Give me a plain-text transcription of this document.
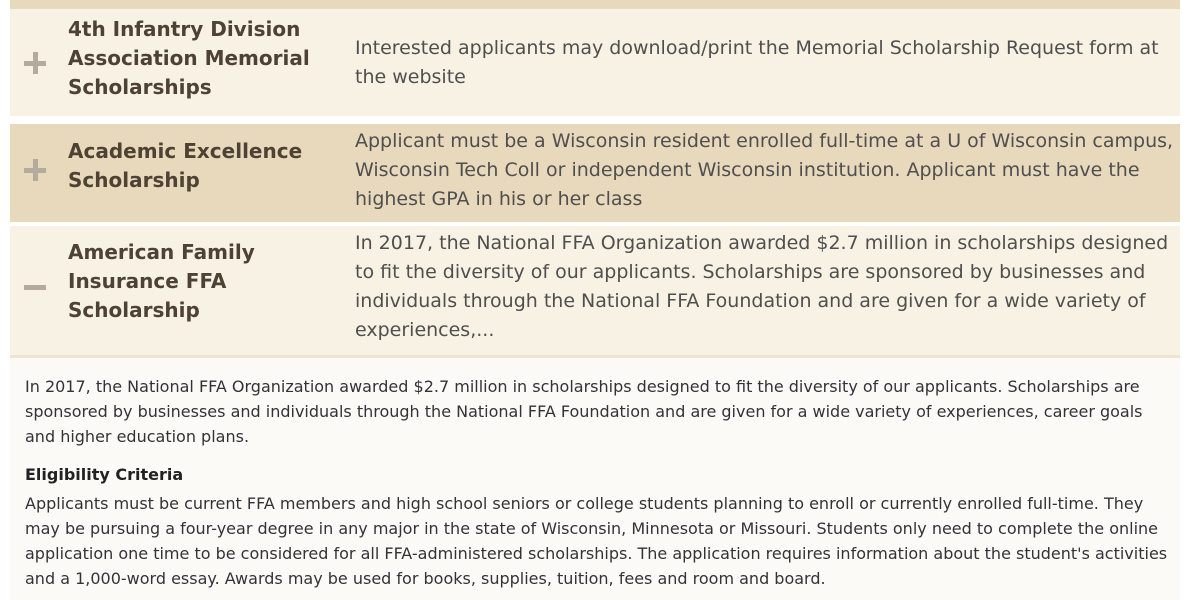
4th Infantry Division
Association Memorial
Scholarships
Interested applicants may download/print the Memorial Scholarship Request form at the website
Academic Excellence
Scholarship
Applicant must be a Wisconsin resident enrolled full-time at a U of Wisconsin campus, Wisconsin Tech Coll or independent Wisconsin institution. Applicant must have the highest GPA in his or her class
American Family
Insurance FFA
Scholarship
In 2017, the National FFA Organization awarded $2.7 million in scholarships designed to fit the diversity of our applicants. Scholarships are sponsored by businesses and individuals through the National FFA Foundation and are given for a wide variety of experiences,...
In 2017, the National FFA Organization awarded $2.7 million in scholarships designed to fit the diversity of our applicants. Scholarships are sponsored by businesses and individuals through the National FFA Foundation and are given for a wide variety of experiences, career goals and higher education plans.
Eligibility Criteria
Applicants must be current FFA members and high school seniors or college students planning to enroll or currently enrolled full-time. They may be pursuing a four-year degree in any major in the state of Wisconsin, Minnesota or Missouri. Students only need to complete the online application one time to be considered for all FFA-administered scholarships. The application requires information about the student's activities and a 1,000-word essay. Awards may be used for books, supplies, tuition, fees and room and board.
